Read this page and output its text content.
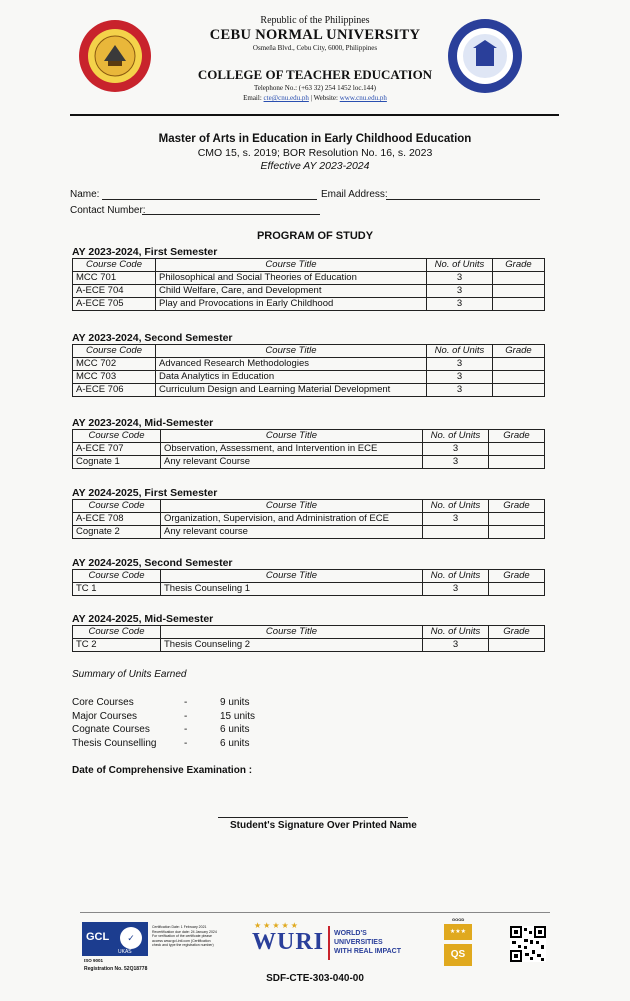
Republic of the Philippines
CEBU NORMAL UNIVERSITY
Osmeña Blvd., Cebu City, 6000, Philippines
COLLEGE OF TEACHER EDUCATION
Telephone No.: (+63 32) 254 1452 loc.144)
Email: cte@cnu.edu.ph | Website: www.cnu.edu.ph
Master of Arts in Education in Early Childhood Education
CMO 15, s. 2019; BOR Resolution No. 16, s. 2023
Effective AY 2023-2024
Name:	Email Address:
Contact Number:
PROGRAM OF STUDY
AY 2023-2024, First Semester
Course Code	Course Title	No. of Units	Grade
MCC 701	Philosophical and Social Theories of Education	3	
A-ECE 704	Child Welfare, Care, and Development	3	
A-ECE 705	Play and Provocations in Early Childhood	3	
AY 2023-2024, Second Semester
Course Code	Course Title	No. of Units	Grade
MCC 702	Advanced Research Methodologies	3	
MCC 703	Data Analytics in Education	3	
A-ECE 706	Curriculum Design and Learning Material Development	3	
AY 2023-2024, Mid-Semester
Course Code	Course Title	No. of Units	Grade
A-ECE 707	Observation, Assessment, and Intervention in ECE	3	
Cognate 1	Any relevant Course	3	
AY 2024-2025, First Semester
Course Code	Course Title	No. of Units	Grade
A-ECE 708	Organization, Supervision, and Administration of ECE	3	
Cognate 2	Any relevant course		
AY 2024-2025, Second Semester
Course Code	Course Title	No. of Units	Grade
TC 1	Thesis Counseling 1	3	
AY 2024-2025, Mid-Semester
Course Code	Course Title	No. of Units	Grade
TC 2	Thesis Counseling 2	3	
Summary of Units Earned
Core Courses	-	9 units
Major Courses	-	15 units
Cognate Courses	-	6 units
Thesis Counselling	-	6 units
Date of Comprehensive Examination :
Student's Signature Over Printed Name
GCL	✓
UKAS
ISO 9001
Registration No. 52Q18778
Certification Date: 1 February 2021
Recertification due date: 24 January 2024
For verification of the certificate please
access www.gcl-intl.com (Certification
check and type the registration number)
★★★★★
WURI WORLD'S
UNIVERSITIES
WITH REAL IMPACT
GOOD
★★★
QS
SDF-CTE-303-040-00
